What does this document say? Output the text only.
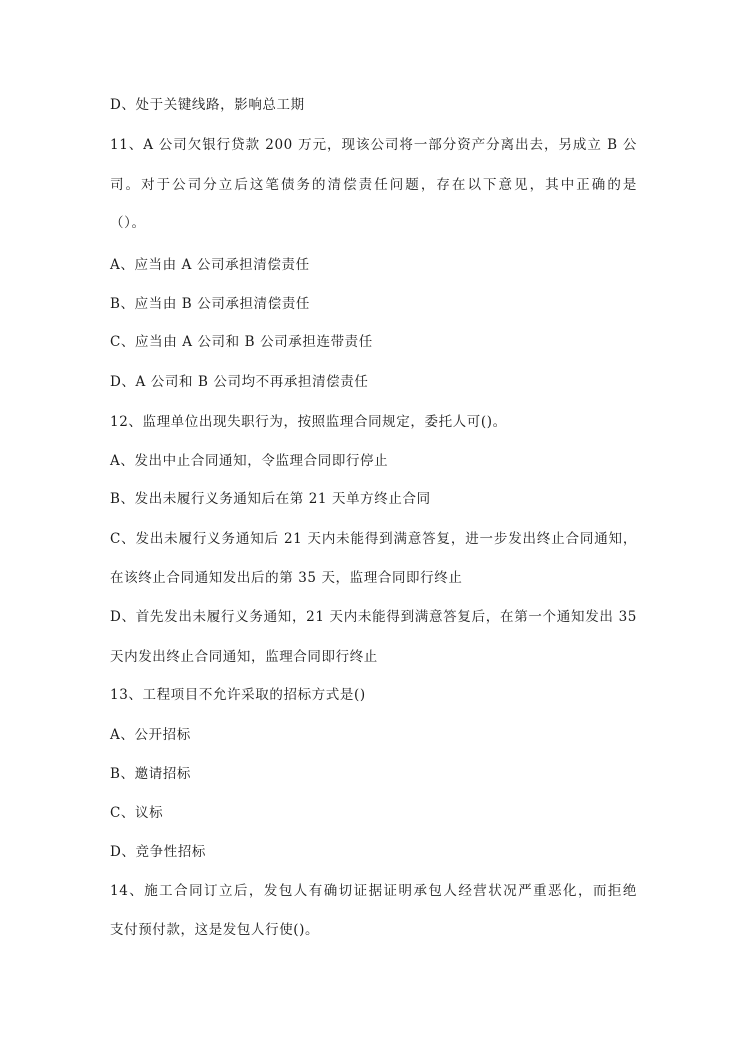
D、处于关键线路，影响总工期
11、A 公司欠银行贷款 200 万元，现该公司将一部分资产分离出去，另成立 B 公
司。对于公司分立后这笔债务的清偿责任问题，存在以下意见，其中正确的是
（）。
A、应当由 A 公司承担清偿责任
B、应当由 B 公司承担清偿责任
C、应当由 A 公司和 B 公司承担连带责任
D、A 公司和 B 公司均不再承担清偿责任
12、监理单位出现失职行为，按照监理合同规定，委托人可()。
A、发出中止合同通知，令监理合同即行停止
B、发出未履行义务通知后在第 21 天单方终止合同
C、发出未履行义务通知后 21 天内未能得到满意答复，进一步发出终止合同通知，
在该终止合同通知发出后的第 35 天，监理合同即行终止
D、首先发出未履行义务通知，21 天内未能得到满意答复后，在第一个通知发出 35
天内发出终止合同通知，监理合同即行终止
13、工程项目不允许采取的招标方式是()
A、公开招标
B、邀请招标
C、议标
D、竞争性招标
14、施工合同订立后，发包人有确切证据证明承包人经营状况严重恶化，而拒绝
支付预付款，这是发包人行使()。
